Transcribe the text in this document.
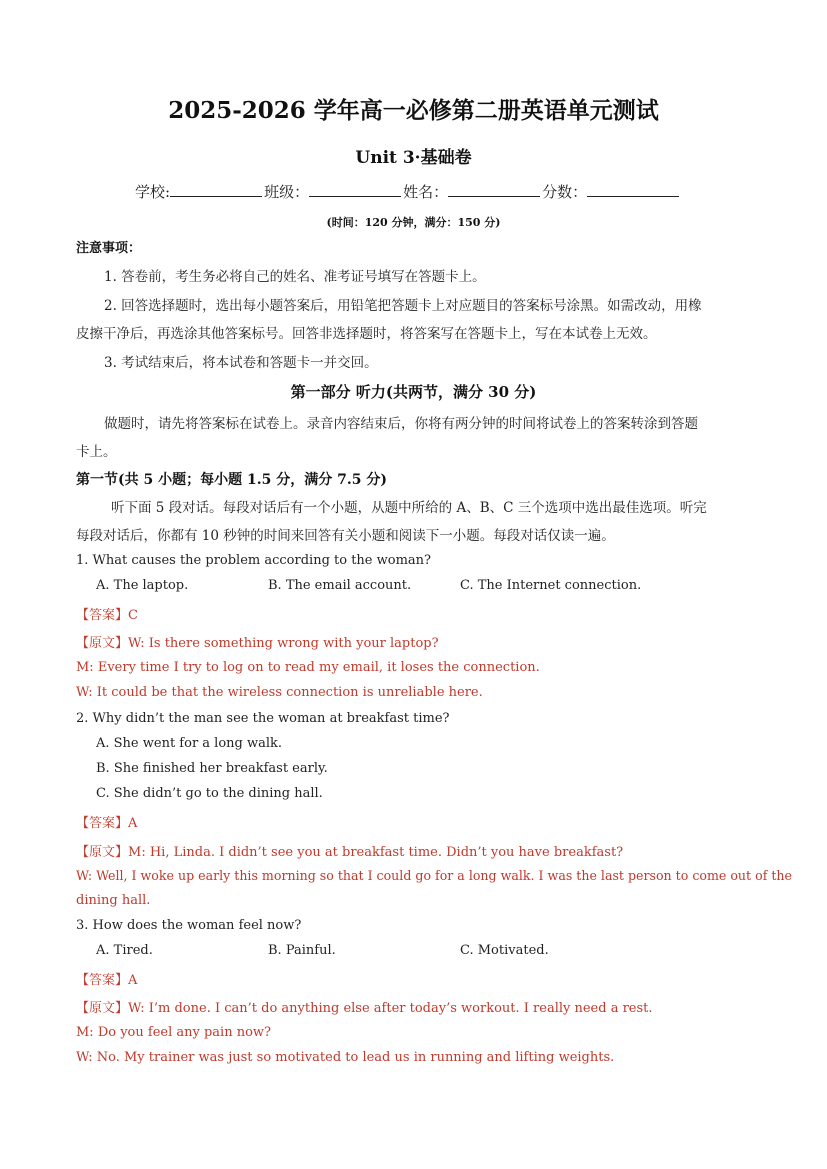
2025-2026 学年高一必修第二册英语单元测试
Unit 3·基础卷
学校:	班级：	姓名：	分数：
(时间：120 分钟，满分：150 分)
注意事项：
1. 答卷前，考生务必将自己的姓名、准考证号填写在答题卡上。
2. 回答选择题时，选出每小题答案后，用铅笔把答题卡上对应题目的答案标号涂黑。如需改动，用橡
皮擦干净后，再选涂其他答案标号。回答非选择题时，将答案写在答题卡上，写在本试卷上无效。
3. 考试结束后，将本试卷和答题卡一并交回。
第一部分 听力(共两节，满分 30 分)
做题时，请先将答案标在试卷上。录音内容结束后，你将有两分钟的时间将试卷上的答案转涂到答题
卡上。
第一节(共 5 小题；每小题 1.5 分，满分 7.5 分)
听下面 5 段对话。每段对话后有一个小题，从题中所给的 A、B、C 三个选项中选出最佳选项。听完
每段对话后，你都有 10 秒钟的时间来回答有关小题和阅读下一小题。每段对话仅读一遍。
1. What causes the problem according to the woman?
A. The laptop.	B. The email account.	C. The Internet connection.
【答案】C
【原文】W: Is there something wrong with your laptop?
M: Every time I try to log on to read my email, it loses the connection.
W: It could be that the wireless connection is unreliable here.
2. Why didn’t the man see the woman at breakfast time?
A. She went for a long walk.
B. She finished her breakfast early.
C. She didn’t go to the dining hall.
【答案】A
【原文】M: Hi, Linda. I didn’t see you at breakfast time. Didn’t you have breakfast?
W: Well, I woke up early this morning so that I could go for a long walk. I was the last person to come out of the
dining hall.
3. How does the woman feel now?
A. Tired.	B. Painful.	C. Motivated.
【答案】A
【原文】W: I’m done. I can’t do anything else after today’s workout. I really need a rest.
M: Do you feel any pain now?
W: No. My trainer was just so motivated to lead us in running and lifting weights.
